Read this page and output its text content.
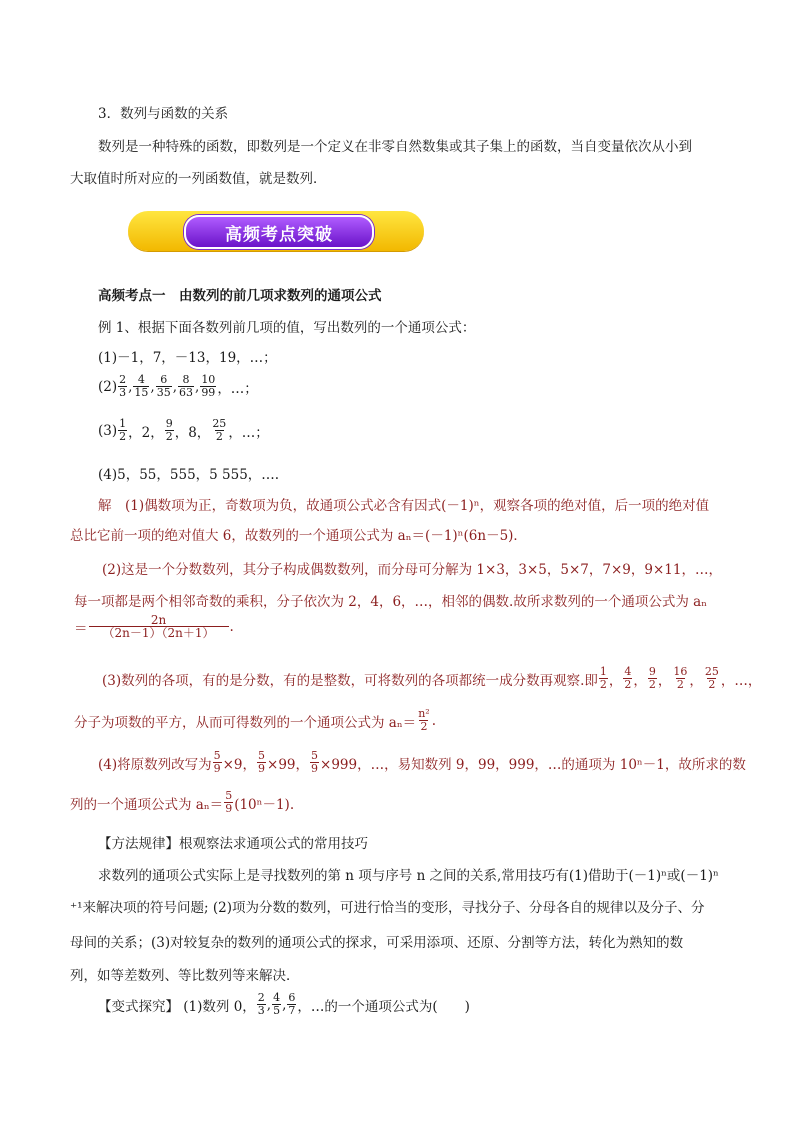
3．数列与函数的关系
数列是一种特殊的函数，即数列是一个定义在非零自然数集或其子集上的函数，当自变量依次从小到
大取值时所对应的一列函数值，就是数列．
高频考点突破
高频考点一　由数列的前几项求数列的通项公式
例 1、根据下面各数列前几项的值，写出数列的一个通项公式：
(1)－1，7，－13，19，…；
$(2) \frac{2}{3}$ , $\frac{4}{15}$ , $\frac{6}{35}$ , $\frac{8}{63}$ , $\frac{10}{99}$ ，…；
$(3) \frac{1}{2}$ ，2， $\frac{9}{2}$ ，8， $\frac{25}{2}$ ，…；
(4)5，55，555，5 555，….
解　(1)偶数项为正，奇数项为负，故通项公式必含有因式(－1)ⁿ，观察各项的绝对值，后一项的绝对值
总比它前一项的绝对值大 6，故数列的一个通项公式为 aₙ＝(－1)ⁿ(6n－5)．
(2)这是一个分数数列，其分子构成偶数数列，而分母可分解为 1×3，3×5，5×7，7×9，9×11，…，
每一项都是两个相邻奇数的乘积，分子依次为 2，4，6，…，相邻的偶数.故所求数列的一个通项公式为 aₙ
＝ $\frac{2n}{(2n-1)(2n+1)}$ .
(3)数列的各项，有的是分数，有的是整数，可将数列的各项都统一成分数再观察.即 $\frac{1}{2}$ ， $\frac{4}{2}$ ， $\frac{9}{2}$ ， $\frac{16}{2}$ ， $\frac{25}{2}$ ，…，
分子为项数的平方，从而可得数列的一个通项公式为 $a_n= \frac{\text{n²}}{2}$ .
(4)将原数列改写为 $\frac{5}{9} \times 9$， $\frac{5}{9} \times 99$， $\frac{5}{9} \times 999$，…，易知数列 9，99，999，…的通项为 10ⁿ－1，故所求的数
列的一个通项公式为 $a_n= \frac{5}{9} (10^n-1)$.
【方法规律】根观察法求通项公式的常用技巧
求数列的通项公式实际上是寻找数列的第 n 项与序号 n 之间的关系,常用技巧有(1)借助于(－1)ⁿ或(－1)ⁿ
⁺¹来解决项的符号问题; (2)项为分数的数列，可进行恰当的变形，寻找分子、分母各自的规律以及分子、分
母间的关系；(3)对较复杂的数列的通项公式的探求，可采用添项、还原、分割等方法，转化为熟知的数
列，如等差数列、等比数列等来解决．
【变式探究】 (1)数列 0， $\frac{2}{3}$ , $\frac{4}{5}$ , $\frac{6}{7}$ ，…的一个通项公式为(　　)
